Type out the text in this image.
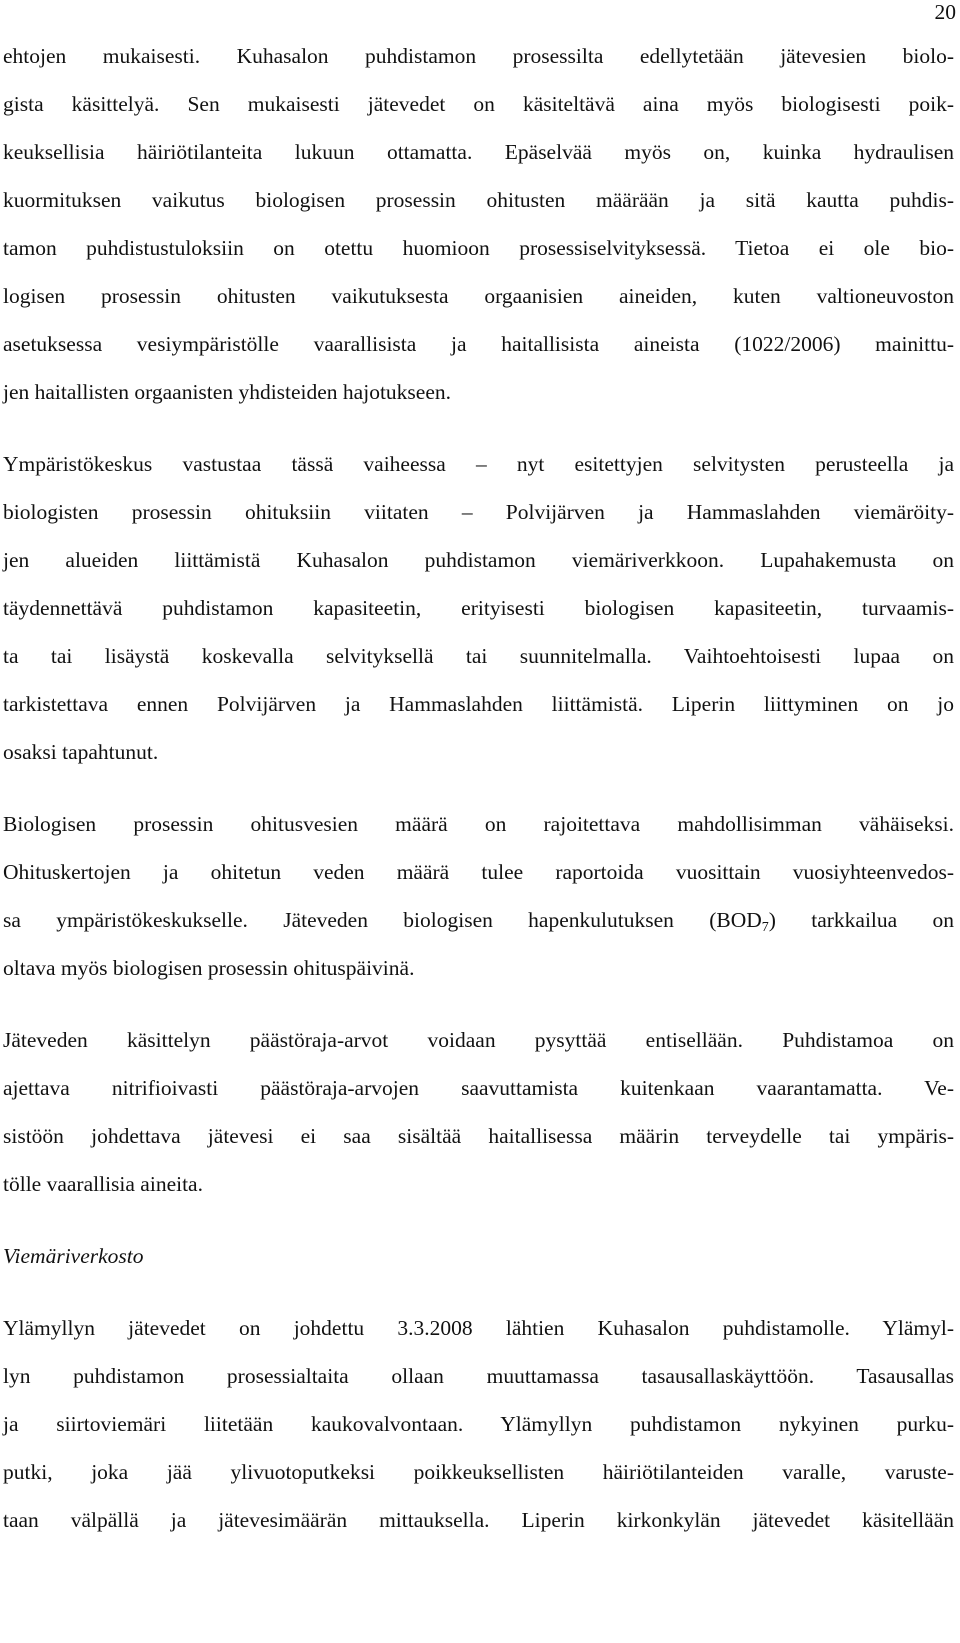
20
ehtojen mukaisesti. Kuhasalon puhdistamon prosessilta edellytetään jätevesien biolo-
gista käsittelyä. Sen mukaisesti jätevedet on käsiteltävä aina myös biologisesti poik-
keuksellisia häiriötilanteita lukuun ottamatta. Epäselvää myös on, kuinka hydraulisen
kuormituksen vaikutus biologisen prosessin ohitusten määrään ja sitä kautta puhdis-
tamon puhdistustuloksiin on otettu huomioon prosessiselvityksessä. Tietoa ei ole bio-
logisen prosessin ohitusten vaikutuksesta orgaanisien aineiden, kuten valtioneuvoston
asetuksessa vesiympäristölle vaarallisista ja haitallisista aineista (1022/2006) mainittu-
jen haitallisten orgaanisten yhdisteiden hajotukseen.
Ympäristökeskus vastustaa tässä vaiheessa – nyt esitettyjen selvitysten perusteella ja
biologisten prosessin ohituksiin viitaten – Polvijärven ja Hammaslahden viemäröity-
jen alueiden liittämistä Kuhasalon puhdistamon viemäriverkkoon. Lupahakemusta on
täydennettävä puhdistamon kapasiteetin, erityisesti biologisen kapasiteetin, turvaamis-
ta tai lisäystä koskevalla selvityksellä tai suunnitelmalla. Vaihtoehtoisesti lupaa on
tarkistettava ennen Polvijärven ja Hammaslahden liittämistä. Liperin liittyminen on jo
osaksi tapahtunut.
Biologisen prosessin ohitusvesien määrä on rajoitettava mahdollisimman vähäiseksi.
Ohituskertojen ja ohitetun veden määrä tulee raportoida vuosittain vuosiyhteenvedos-
sa ympäristökeskukselle. Jäteveden biologisen hapenkulutuksen $(BOD_7)$ tarkkailua on
oltava myös biologisen prosessin ohituspäivinä.
Jäteveden käsittelyn päästöraja-arvot voidaan pysyttää entisellään. Puhdistamoa on
ajettava nitrifioivasti päästöraja-arvojen saavuttamista kuitenkaan vaarantamatta. Ve-
sistöön johdettava jätevesi ei saa sisältää haitallisessa määrin terveydelle tai ympäris-
tölle vaarallisia aineita.
Viemäriverkosto
Ylämyllyn jätevedet on johdettu 3.3.2008 lähtien Kuhasalon puhdistamolle. Ylämyl-
lyn puhdistamon prosessialtaita ollaan muuttamassa tasausallaskäyttöön. Tasausallas
ja siirtoviemäri liitetään kaukovalvontaan. Ylämyllyn puhdistamon nykyinen purku-
putki, joka jää ylivuotoputkeksi poikkeuksellisten häiriötilanteiden varalle, varuste-
taan välpällä ja jätevesimäärän mittauksella. Liperin kirkonkylän jätevedet käsitellään
